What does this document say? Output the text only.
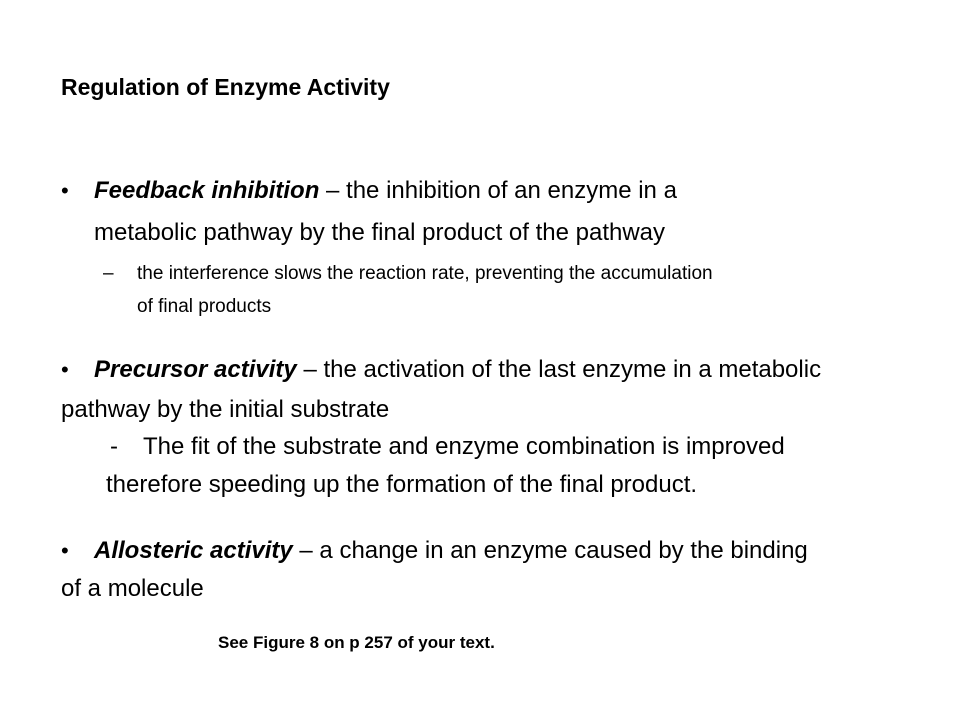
Regulation of Enzyme Activity
• Feedback inhibition – the inhibition of an enzyme in a
metabolic pathway by the final product of the pathway
– the interference slows the reaction rate, preventing the accumulation
of final products
• Precursor activity – the activation of the last enzyme in a metabolic
pathway by the initial substrate
- The fit of the substrate and enzyme combination is improved
therefore speeding up the formation of the final product.
• Allosteric activity – a change in an enzyme caused by the binding
of a molecule
See Figure 8 on p 257 of your text.
